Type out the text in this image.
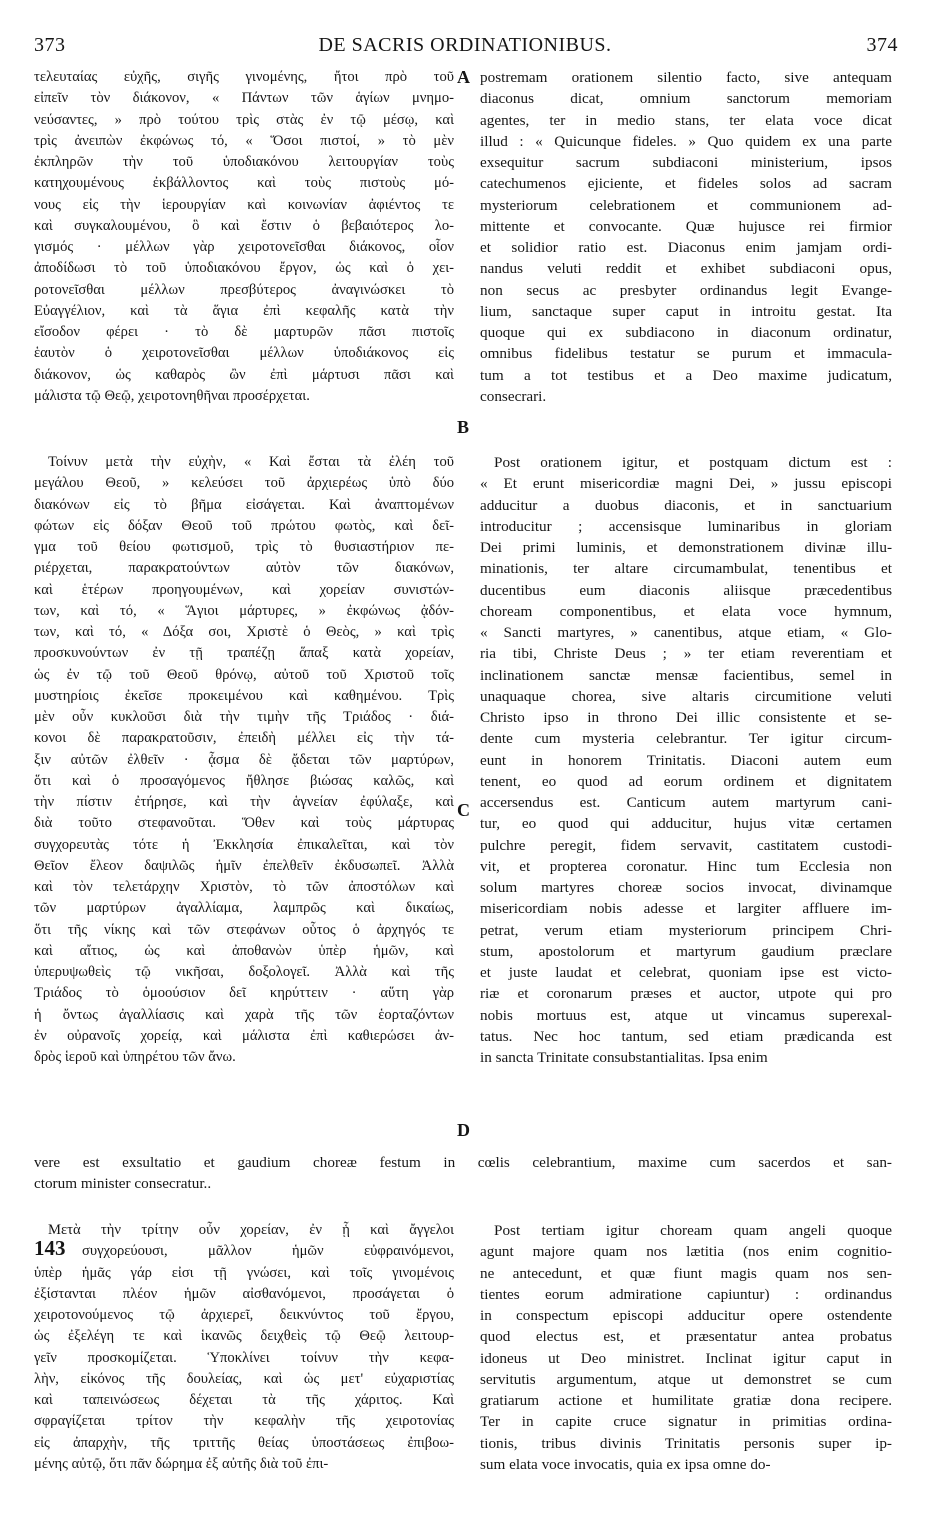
373	DE SACRIS ORDINATIONIBUS.	374
A
B
C
D
τελευταίας εὐχῆς, σιγῆς γινομένης, ἤτοι πρὸ τοῦ
εἰπεῖν τὸν διάκονον, « Πάντων τῶν ἁγίων μνημο-
νεύσαντες, » πρὸ τούτου τρὶς στὰς ἐν τῷ μέσῳ, καὶ
τρὶς ἀνειπὼν ἐκφώνως τό, « Ὅσοι πιστοί, » τὸ μὲν
ἐκπληρῶν τὴν τοῦ ὑποδιακόνου λειτουργίαν τοὺς
κατηχουμένους ἐκβάλλοντος καὶ τοὺς πιστοὺς μό-
νους εἰς τὴν ἱερουργίαν καὶ κοινωνίαν ἀφιέντος τε
καὶ συγκαλουμένου, ὃ καὶ ἔστιν ὁ βεβαιότερος λο-
γισμός · μέλλων γὰρ χειροτονεῖσθαι διάκονος, οἷον
ἀποδίδωσι τὸ τοῦ ὑποδιακόνου ἔργον, ὡς καὶ ὁ χει-
ροτονεῖσθαι μέλλων πρεσβύτερος ἀναγινώσκει τὸ
Εὐαγγέλιον, καὶ τὰ ἅγια ἐπὶ κεφαλῆς κατὰ τὴν
εἴσοδον φέρει · τὸ δὲ μαρτυρῶν πᾶσι πιστοῖς
ἑαυτὸν ὁ χειροτονεῖσθαι μέλλων ὑποδιάκονος εἰς
διάκονον, ὡς καθαρὸς ὢν ἐπὶ μάρτυσι πᾶσι καὶ
μάλιστα τῷ Θεῷ, χειροτονηθῆναι προσέρχεται.
postremam orationem silentio facto, sive antequam
diaconus dicat, omnium sanctorum memoriam
agentes, ter in medio stans, ter elata voce dicat
illud : « Quicunque fideles. » Quo quidem ex una parte
exsequitur sacrum subdiaconi ministerium, ipsos
catechumenos ejiciente, et fideles solos ad sacram
mysteriorum celebrationem et communionem ad-
mittente et convocante. Quæ hujusce rei firmior
et solidior ratio est. Diaconus enim jamjam ordi-
nandus veluti reddit et exhibet subdiaconi opus,
non secus ac presbyter ordinandus legit Evange-
lium, sanctaque super caput in introitu gestat. Ita
quoque qui ex subdiacono in diaconum ordinatur,
omnibus fidelibus testatur se purum et immacula-
tum a tot testibus et a Deo maxime judicatum,
consecrari.
Τοίνυν μετὰ τὴν εὐχὴν, « Καὶ ἔσται τὰ ἐλέη τοῦ
μεγάλου Θεοῦ, » κελεύσει τοῦ ἀρχιερέως ὑπὸ δύο
διακόνων εἰς τὸ βῆμα εἰσάγεται. Καὶ ἀναπτομένων
φώτων εἰς δόξαν Θεοῦ τοῦ πρώτου φωτὸς, καὶ δεῖ-
γμα τοῦ θείου φωτισμοῦ, τρὶς τὸ θυσιαστήριον πε-
ριέρχεται, παρακρατούντων αὐτὸν τῶν διακόνων,
καὶ ἑτέρων προηγουμένων, καὶ χορείαν συνιστών-
των, καὶ τό, « Ἅγιοι μάρτυρες, » ἐκφώνως ᾀδόν-
των, καὶ τό, « Δόξα σοι, Χριστὲ ὁ Θεὸς, » καὶ τρὶς
προσκυνούντων ἐν τῇ τραπέζῃ ἅπαξ κατὰ χορείαν,
ὡς ἐν τῷ τοῦ Θεοῦ θρόνῳ, αὐτοῦ τοῦ Χριστοῦ τοῖς
μυστηρίοις ἐκεῖσε προκειμένου καὶ καθημένου. Τρὶς
μὲν οὖν κυκλοῦσι διὰ τὴν τιμὴν τῆς Τριάδος · διά-
κονοι δὲ παρακρατοῦσιν, ἐπειδὴ μέλλει εἰς τὴν τά-
ξιν αὐτῶν ἐλθεῖν · ᾆσμα δὲ ᾄδεται τῶν μαρτύρων,
ὅτι καὶ ὁ προσαγόμενος ἤθλησε βιώσας καλῶς, καὶ
τὴν πίστιν ἐτήρησε, καὶ τὴν ἁγνείαν ἐφύλαξε, καὶ
διὰ τοῦτο στεφανοῦται. Ὅθεν καὶ τοὺς μάρτυρας
συγχορευτὰς τότε ἡ Ἐκκλησία ἐπικαλεῖται, καὶ τὸν
Θεῖον ἔλεον δαψιλῶς ἡμῖν ἐπελθεῖν ἐκδυσωπεῖ. Ἀλλὰ
καὶ τὸν τελετάρχην Χριστὸν, τὸ τῶν ἀποστόλων καὶ
τῶν μαρτύρων ἀγαλλίαμα, λαμπρῶς καὶ δικαίως,
ὅτι τῆς νίκης καὶ τῶν στεφάνων οὗτος ὁ ἀρχηγός τε
καὶ αἴτιος, ὡς καὶ ἀποθανὼν ὑπὲρ ἡμῶν, καὶ
ὑπερυψωθεὶς τῷ νικῆσαι, δοξολογεῖ. Ἀλλὰ καὶ τῆς
Τριάδος τὸ ὁμοούσιον δεῖ κηρύττειν · αὕτη γὰρ
ἡ ὄντως ἀγαλλίασις καὶ χαρὰ τῆς τῶν ἑορταζόντων
ἐν οὐρανοῖς χορείᾳ, καὶ μάλιστα ἐπὶ καθιερώσει ἀν-
δρὸς ἱεροῦ καὶ ὑπηρέτου τῶν ἄνω.
Post orationem igitur, et postquam dictum est :
« Et erunt misericordiæ magni Dei, » jussu episcopi
adducitur a duobus diaconis, et in sanctuarium
introducitur ; accensisque luminaribus in gloriam
Dei primi luminis, et demonstrationem divinæ illu-
minationis, ter altare circumambulat, tenentibus et
ducentibus eum diaconis aliisque præcedentibus
choream componentibus, et elata voce hymnum,
« Sancti martyres, » canentibus, atque etiam, « Glo-
ria tibi, Christe Deus ; » ter etiam reverentiam et
inclinationem sanctæ mensæ facientibus, semel in
unaquaque chorea, sive altaris circumitione veluti
Christo ipso in throno Dei illic consistente et se-
dente cum mysteria celebrantur. Ter igitur circum-
eunt in honorem Trinitatis. Diaconi autem eum
tenent, eo quod ad eorum ordinem et dignitatem
accersendus est. Canticum autem martyrum cani-
tur, eo quod qui adducitur, hujus vitæ certamen
pulchre peregit, fidem servavit, castitatem custodi-
vit, et propterea coronatur. Hinc tum Ecclesia non
solum martyres choreæ socios invocat, divinamque
misericordiam nobis adesse et largiter affluere im-
petrat, verum etiam mysteriorum principem Chri-
stum, apostolorum et martyrum gaudium præclare
et juste laudat et celebrat, quoniam ipse est victo-
riæ et coronarum præses et auctor, utpote qui pro
nobis mortuus est, atque ut vincamus superexal-
tatus. Nec hoc tantum, sed etiam prædicanda est
in sancta Trinitate consubstantialitas. Ipsa enim
vere est exsultatio et gaudium choreæ festum in cœlis celebrantium, maxime cum sacerdos et san-
ctorum minister consecratur..
Μετὰ τὴν τρίτην οὖν χορείαν, ἐν ᾗ καὶ ἄγγελοι
143 συγχορεύουσι, μᾶλλον ἡμῶν εὐφραινόμενοι,
ὑπὲρ ἡμᾶς γάρ εἰσι τῇ γνώσει, καὶ τοῖς γινομένοις
ἐξίστανται πλέον ἡμῶν αἰσθανόμενοι, προσάγεται ὁ
χειροτονούμενος τῷ ἀρχιερεῖ, δεικνύντος τοῦ ἔργου,
ὡς ἐξελέγη τε καὶ ἱκανῶς δειχθεὶς τῷ Θεῷ λειτουρ-
γεῖν προσκομίζεται. Ὑποκλίνει τοίνυν τὴν κεφα-
λὴν, εἰκόνος τῆς δουλείας, καὶ ὡς μετ' εὐχαριστίας
καὶ ταπεινώσεως δέχεται τὰ τῆς χάριτος. Καὶ
σφραγίζεται τρίτον τὴν κεφαλὴν τῆς χειροτονίας
εἰς ἀπαρχὴν, τῆς τριττῆς θείας ὑποστάσεως ἐπιβοω-
μένης αὐτῷ, ὅτι πᾶν δώρημα ἐξ αὐτῆς διὰ τοῦ ἐπι-
Post tertiam igitur choream quam angeli quoque
agunt majore quam nos lætitia (nos enim cognitio-
ne antecedunt, et quæ fiunt magis quam nos sen-
tientes eorum admiratione capiuntur) : ordinandus
in conspectum episcopi adducitur opere ostendente
quod electus est, et præsentatur antea probatus
idoneus ut Deo ministret. Inclinat igitur caput in
servitutis argumentum, atque ut demonstret se cum
gratiarum actione et humilitate gratiæ dona recipere.
Ter in capite cruce signatur in primitias ordina-
tionis, tribus divinis Trinitatis personis super ip-
sum elata voce invocatis, quia ex ipsa omne do-
